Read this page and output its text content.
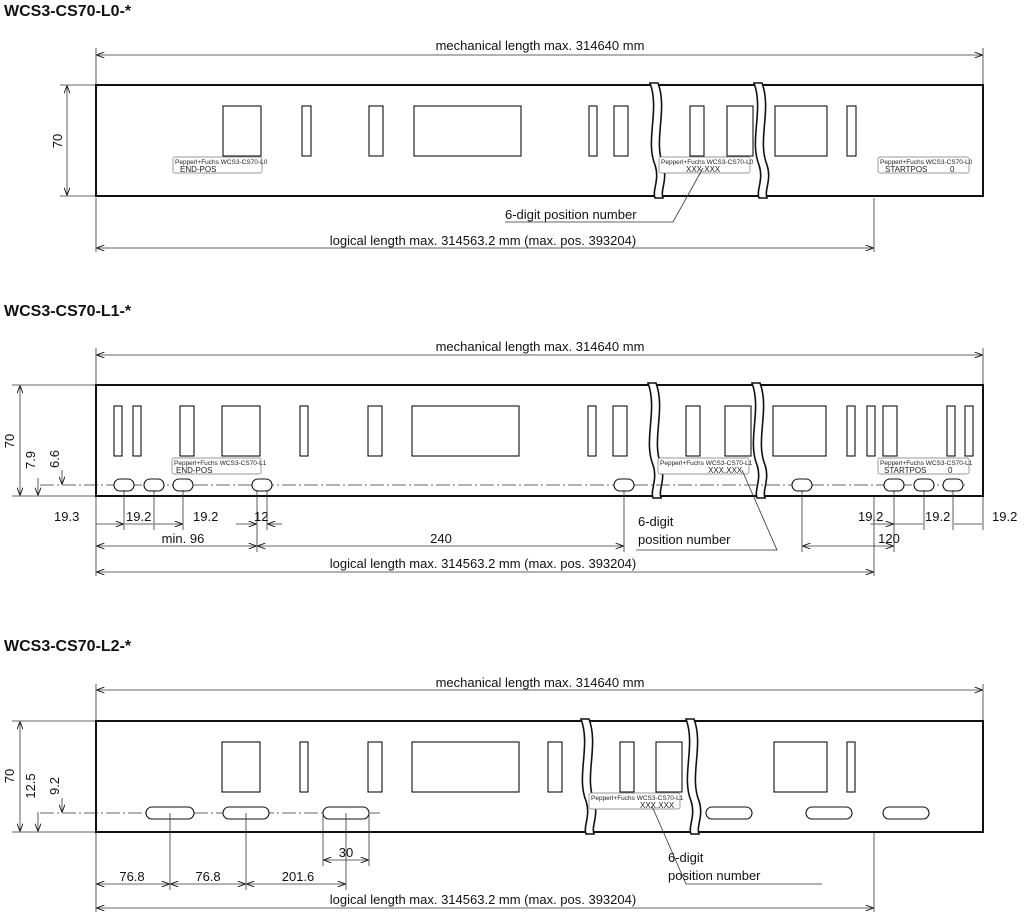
WCS3-CS70-L0-*
mechanical length max. 314640 mm
Pepperl+Fuchs WCS3-CS70-L0
END-POS
Pepperl+Fuchs WCS3-CS70-L0
XXX.XXX
Pepperl+Fuchs WCS3-CS70-L0
STARTPOS	0
70
6-digit position number
logical length max. 314563.2 mm (max. pos. 393204)
WCS3-CS70-L1-*
mechanical length max. 314640 mm
Pepperl+Fuchs WCS3-CS70-L1
END-POS
Pepperl+Fuchs WCS3-CS70-L1
XXX.XXX
Pepperl+Fuchs WCS3-CS70-L1
STARTPOS	0
70
7.9 6.6
19.3	19.2	19.2	12
min. 96	240
19.2	19.2	19.2
120
6-digit
position number
logical length max. 314563.2 mm (max. pos. 393204)
WCS3-CS70-L2-*
mechanical length max. 314640 mm
Pepperl+Fuchs WCS3-CS70-L1
XXX.XXX
70 12.5 9.2
30
76.8	76.8	201.6
6-digit
position number
logical length max. 314563.2 mm (max. pos. 393204)
